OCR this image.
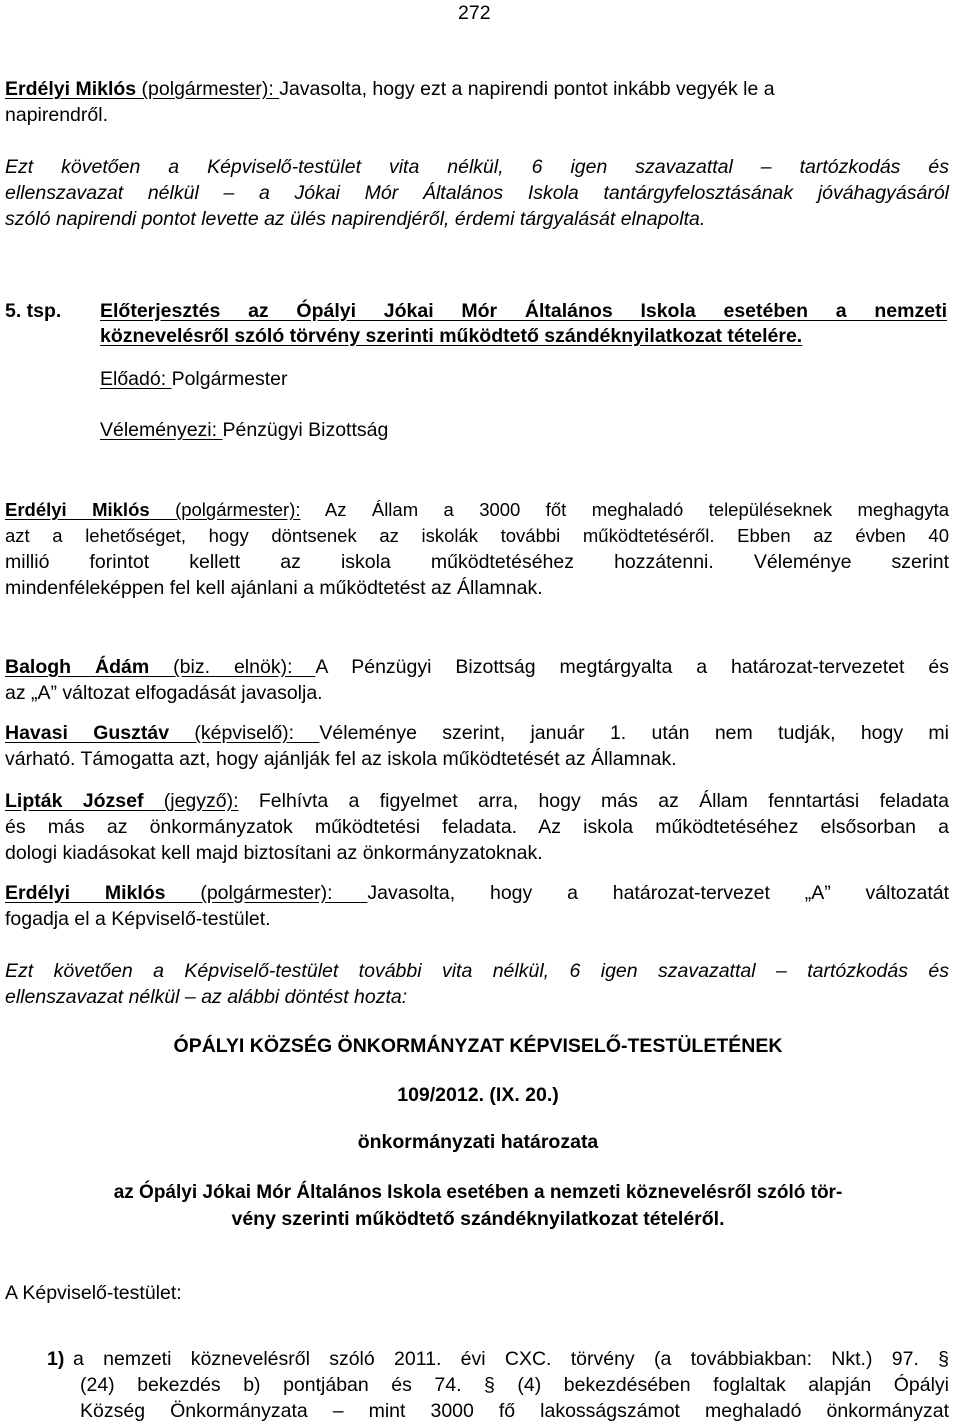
272
Erdélyi Miklós (polgármester): Javasolta, hogy ezt a napirendi pontot inkább vegyék le a
napirendről.
Ezt követően a Képviselő-testület vita nélkül, 6 igen szavazattal – tartózkodás és
ellenszavazat nélkül – a Jókai Mór Általános Iskola tantárgyfelosztásának jóváhagyásáról
szóló napirendi pontot levette az ülés napirendjéről, érdemi tárgyalását elnapolta.
5. tsp. Előterjesztés az Ópályi Jókai Mór Általános Iskola esetében a nemzeti
köznevelésről szóló törvény szerinti működtető szándéknyilatkozat tételére.
Előadó: Polgármester
Véleményezi: Pénzügyi Bizottság
Erdélyi Miklós (polgármester): Az Állam a 3000 főt meghaladó településeknek meghagyta
azt a lehetőséget, hogy döntsenek az iskolák további működtetéséről. Ebben az évben 40
millió forintot kellett az iskola működtetéséhez hozzátenni. Véleménye szerint
mindenféleképpen fel kell ajánlani a működtetést az Államnak.
Balogh Ádám (biz. elnök): A Pénzügyi Bizottság megtárgyalta a határozat-tervezetet és
az „A” változat elfogadását javasolja.
Havasi Gusztáv (képviselő): Véleménye szerint, január 1. után nem tudják, hogy mi
várható. Támogatta azt, hogy ajánlják fel az iskola működtetését az Államnak.
Lipták József (jegyző): Felhívta a figyelmet arra, hogy más az Állam fenntartási feladata
és más az önkormányzatok működtetési feladata. Az iskola működtetéséhez elsősorban a
dologi kiadásokat kell majd biztosítani az önkormányzatoknak.
Erdélyi Miklós (polgármester): Javasolta, hogy a határozat-tervezet „A” változatát
fogadja el a Képviselő-testület.
Ezt követően a Képviselő-testület további vita nélkül, 6 igen szavazattal – tartózkodás és
ellenszavazat nélkül – az alábbi döntést hozta:
ÓPÁLYI KÖZSÉG ÖNKORMÁNYZAT KÉPVISELŐ-TESTÜLETÉNEK
109/2012. (IX. 20.)
önkormányzati határozata
az Ópályi Jókai Mór Általános Iskola esetében a nemzeti köznevelésről szóló tör-
vény szerinti működtető szándéknyilatkozat tételéről.
A Képviselő-testület:
1) a nemzeti köznevelésről szóló 2011. évi CXC. törvény (a továbbiakban: Nkt.) 97. §
(24) bekezdés b) pontjában és 74. § (4) bekezdésében foglaltak alapján Ópályi
Község Önkormányzata – mint 3000 fő lakosságszámot meghaladó önkormányzat
